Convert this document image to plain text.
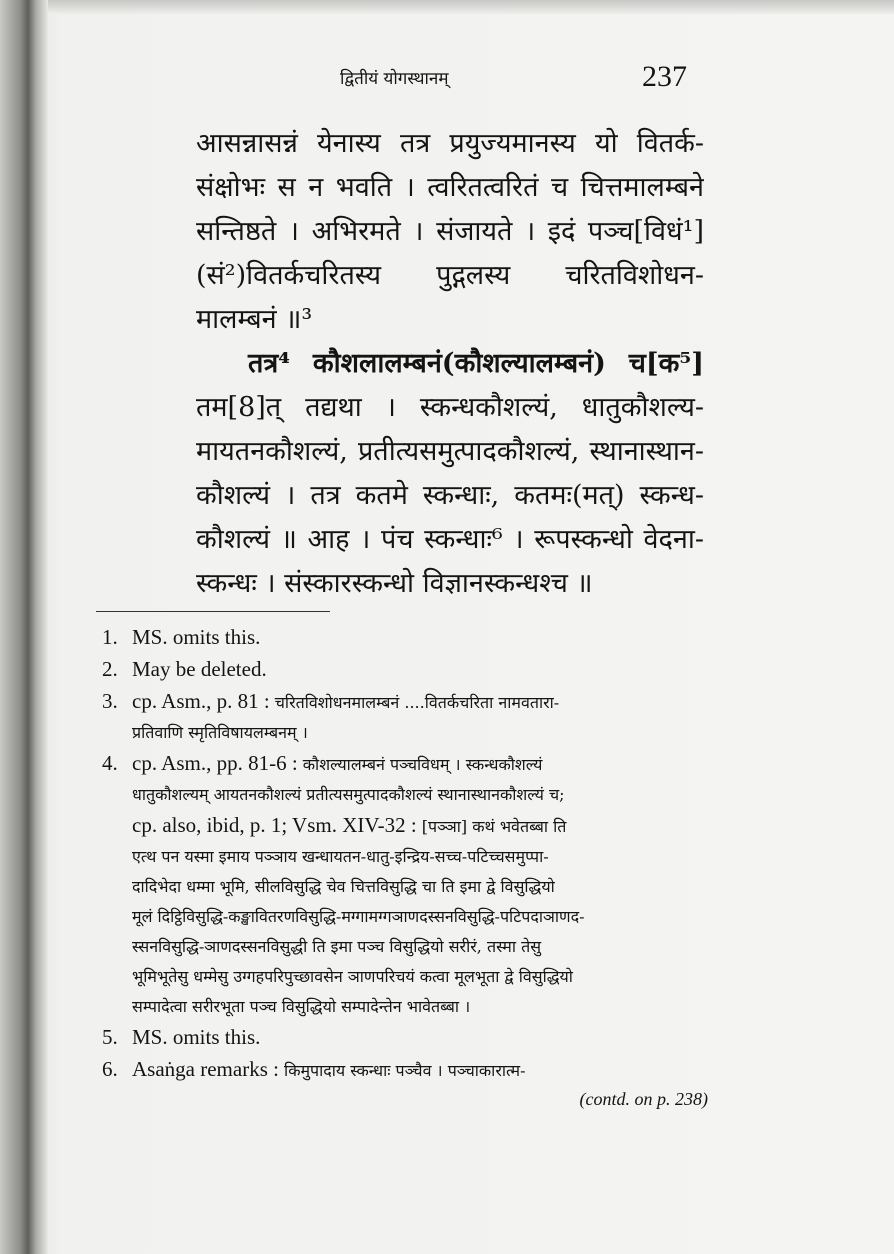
द्वितीयं योगस्थानम्	237
आसन्नासन्नं येनास्य तत्र प्रयुज्यमानस्य यो वितर्क-
संक्षोभः स न भवति । त्वरितत्वरितं च चित्तमालम्बने
सन्तिष्ठते । अभिरमते । संजायते । इदं पञ्च[विधं¹]
(सं²)वितर्कचरितस्य पुद्गलस्य चरितविशोधन-
मालम्बनं ॥³
तत्र⁴ कौशलालम्बनं(कौशल्यालम्बनं) च[क⁵]
तम[8]त् तद्यथा । स्कन्धकौशल्यं, धातुकौशल्य-
मायतनकौशल्यं, प्रतीत्यसमुत्पादकौशल्यं, स्थानास्थान-
कौशल्यं । तत्र कतमे स्कन्धाः, कतमः(मत्) स्कन्ध-
कौशल्यं ॥ आह । पंच स्कन्धाः⁶ । रूपस्कन्धो वेदना-
स्कन्धः । संस्कारस्कन्धो विज्ञानस्कन्धश्च ॥
1. MS. omits this.
2. May be deleted.
3. cp. Asm., p. 81 : चरितविशोधनमालम्बनं ....वितर्कचरिता नामवतारा-
प्रतिवाणि स्मृतिविषायलम्बनम् ।
4. cp. Asm., pp. 81-6 : कौशल्यालम्बनं पञ्चविधम् । स्कन्धकौशल्यं
धातुकौशल्यम् आयतनकौशल्यं प्रतीत्यसमुत्पादकौशल्यं स्थानास्थानकौशल्यं च;
cp. also, ibid, p. 1; Vsm. XIV-32 : [पञ्ञा] कथं भवेतब्बा ति
एत्थ पन यस्मा इमाय पञ्ञाय खन्धायतन-धातु-इन्द्रिय-सच्च-पटिच्चसमुप्पा-
दादिभेदा धम्मा भूमि, सीलविसुद्धि चेव चित्तविसुद्धि चा ति इमा द्वे विसुद्धियो
मूलं दिट्ठिविसुद्धि-कङ्खावितरणविसुद्धि-मग्गामग्गञाणदस्सनविसुद्धि-पटिपदाञाणद-
स्सनविसुद्धि-ञाणदस्सनविसुद्धी ति इमा पञ्च विसुद्धियो सरीरं, तस्मा तेसु
भूमिभूतेसु धम्मेसु उग्गहपरिपुच्छावसेन ञाणपरिचयं कत्वा मूलभूता द्वे विसुद्धियो
सम्पादेत्वा सरीरभूता पञ्च विसुद्धियो सम्पादेन्तेन भावेतब्बा ।
5. MS. omits this.
6. Asaṅga remarks : किमुपादाय स्कन्धाः पञ्चैव । पञ्चाकारात्म-
(contd. on p. 238)
